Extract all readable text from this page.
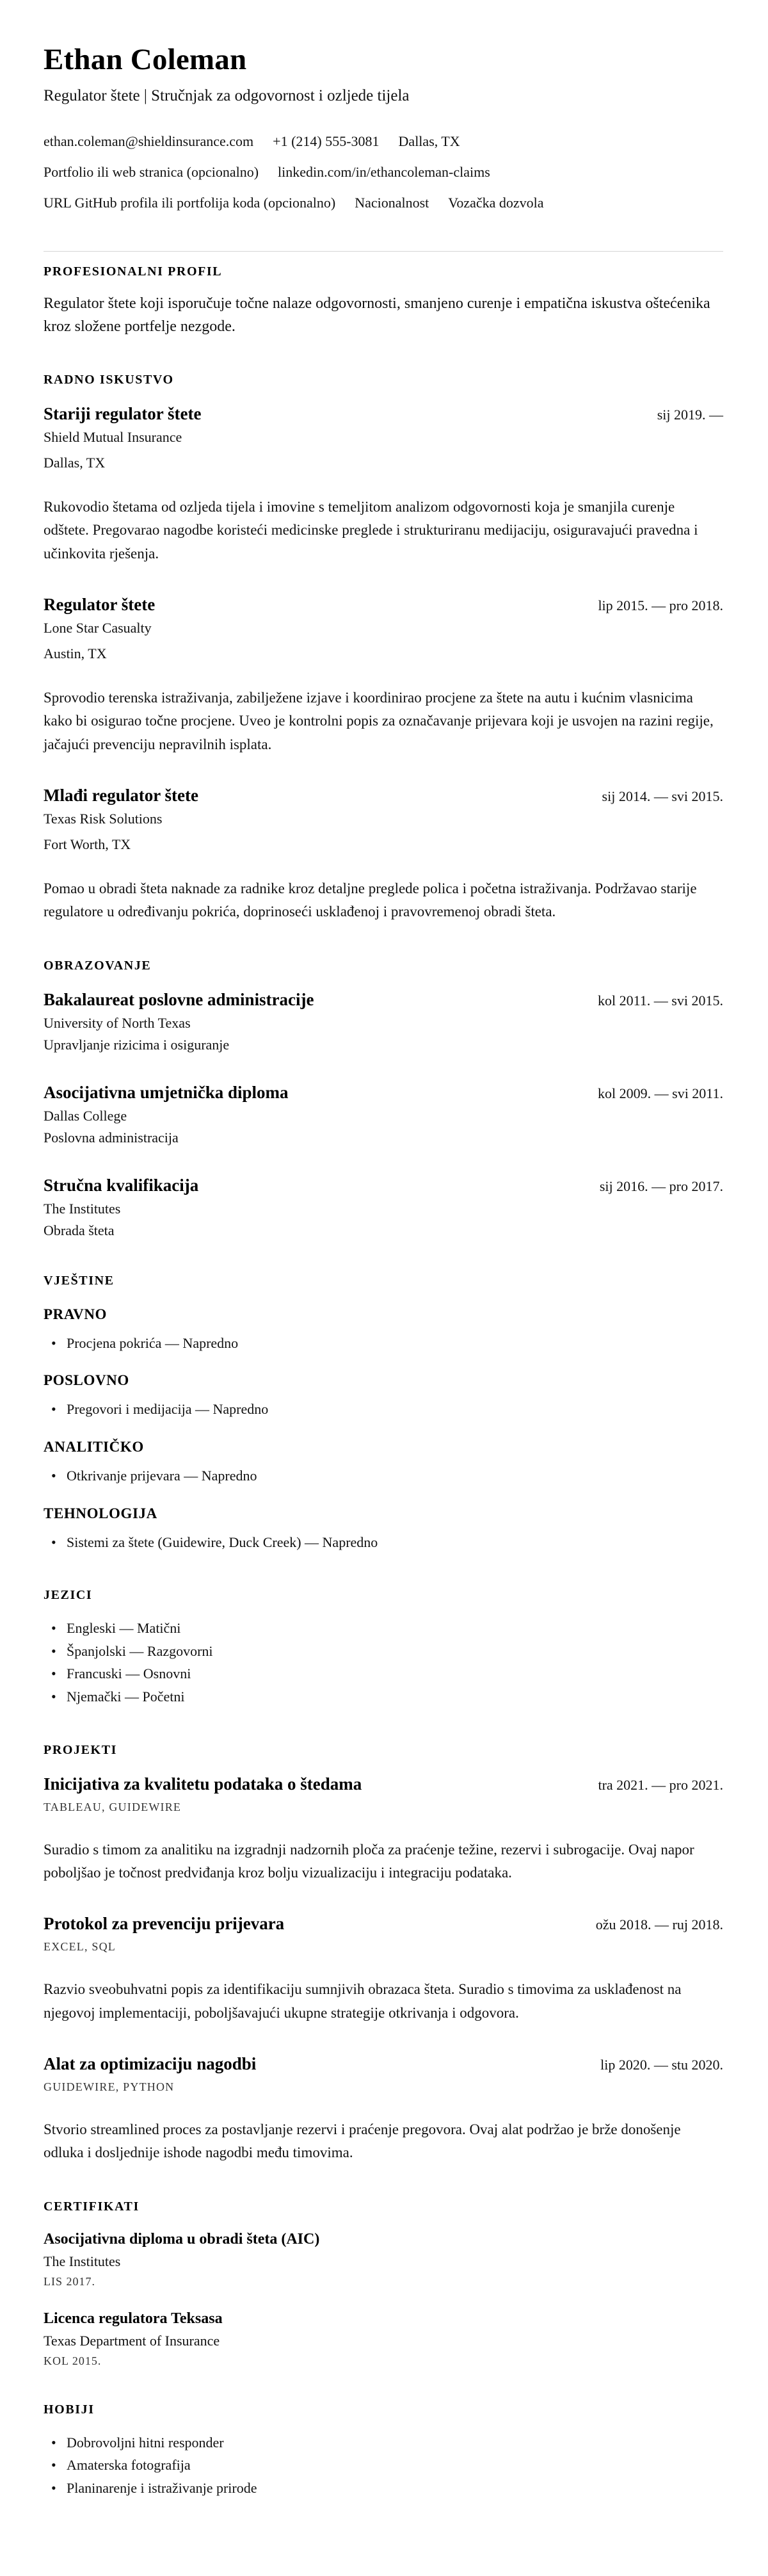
Ethan Coleman

Regulator štete | Stručnjak za odgovornost i ozljede tijela

ethan.coleman@shieldinsurance.com +1 (214) 555-3081 Dallas, TX
Portfolio ili web stranica (opcionalno) linkedin.com/in/ethancoleman-claims
URL GitHub profila ili portfolija koda (opcionalno) Nacionalnost Vozačka dozvola
PROFESIONALNI PROFIL

Regulator štete koji isporučuje točne nalaze odgovornosti, smanjeno curenje i empatična iskustva oštećenika kroz složene portfelje nezgode.

RADNO ISKUSTVO
Stariji regulator štete	sij 2019. —

Shield Mutual Insurance

Dallas, TX

Rukovodio štetama od ozljeda tijela i imovine s temeljitom analizom odgovornosti koja je smanjila curenje odštete. Pregovarao nagodbe koristeći medicinske preglede i strukturiranu medijaciju, osiguravajući pravedna i učinkovita rješenja.

Regulator štete	lip 2015. — pro 2018.

Lone Star Casualty

Austin, TX

Sprovodio terenska istraživanja, zabilježene izjave i koordinirao procjene za štete na autu i kućnim vlasnicima kako bi osigurao točne procjene. Uveo je kontrolni popis za označavanje prijevara koji je usvojen na razini regije, jačajući prevenciju nepravilnih isplata.

Mlađi regulator štete	sij 2014. — svi 2015.

Texas Risk Solutions

Fort Worth, TX

Pomao u obradi šteta naknade za radnike kroz detaljne preglede polica i početna istraživanja. Podržavao starije regulatore u određivanju pokrića, doprinoseći usklađenoj i pravovremenoj obradi šteta.

OBRAZOVANJE
Bakalaureat poslovne administracije	kol 2011. — svi 2015.

University of North Texas

Upravljanje rizicima i osiguranje

Asocijativna umjetnička diploma	kol 2009. — svi 2011.

Dallas College

Poslovna administracija

Stručna kvalifikacija	sij 2016. — pro 2017.

The Institutes

Obrada šteta

VJEŠTINE
PRAVNO
• Procjena pokrića — Napredno
POSLOVNO
• Pregovori i medijacija — Napredno
ANALITIČKO
• Otkrivanje prijevara — Napredno
TEHNOLOGIJA
• Sistemi za štete (Guidewire, Duck Creek) — Napredno
JEZICI
• Engleski — Matični
• Španjolski — Razgovorni
• Francuski — Osnovni
• Njemački — Početni
PROJEKTI
Inicijativa za kvalitetu podataka o štedama	tra 2021. — pro 2021.

TABLEAU, GUIDEWIRE

Suradio s timom za analitiku na izgradnji nadzornih ploča za praćenje težine, rezervi i subrogacije. Ovaj napor poboljšao je točnost predviđanja kroz bolju vizualizaciju i integraciju podataka.

Protokol za prevenciju prijevara	ožu 2018. — ruj 2018.

EXCEL, SQL

Razvio sveobuhvatni popis za identifikaciju sumnjivih obrazaca šteta. Suradio s timovima za usklađenost na njegovoj implementaciji, poboljšavajući ukupne strategije otkrivanja i odgovora.

Alat za optimizaciju nagodbi	lip 2020. — stu 2020.

GUIDEWIRE, PYTHON

Stvorio streamlined proces za postavljanje rezervi i praćenje pregovora. Ovaj alat podržao je brže donošenje odluka i dosljednije ishode nagodbi među timovima.

CERTIFIKATI

Asocijativna diploma u obradi šteta (AIC)

The Institutes

LIS 2017.

Licenca regulatora Teksasa

Texas Department of Insurance

KOL 2015.

HOBIJI
• Dobrovoljni hitni responder
• Amaterska fotografija
• Planinarenje i istraživanje prirode
